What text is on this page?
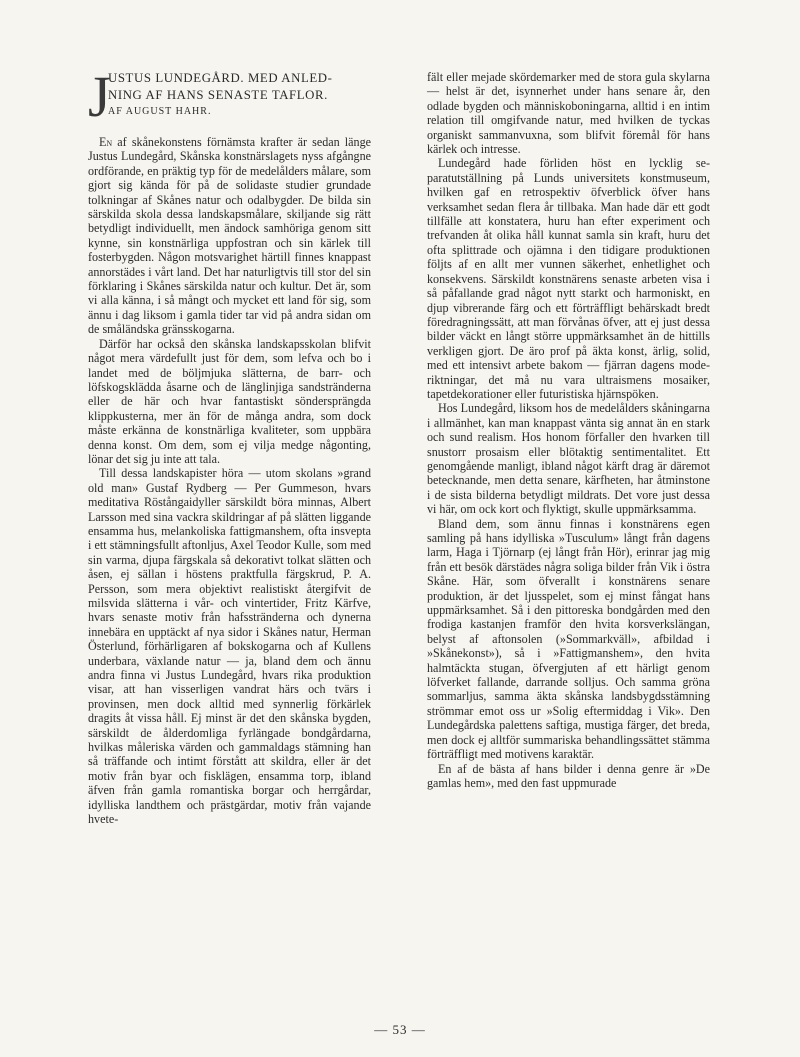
J
USTUS LUNDEGÅRD. MED ANLED-
NING AF HANS SENASTE TAFLOR.
AF AUGUST HAHR.

En af skånekonstens förnämsta krafter är sedan länge Justus Lundegård, Skånska konstnärslagets nyss afgångne ordförande, en präktig typ för de medelålders målare, som gjort sig kända för på de solidaste studier grundade tolkningar af Skånes natur och odalbygder. De bilda sin särskilda skola dessa landskapsmålare, skiljande sig rätt betydligt individuellt, men ändock samhöriga genom sitt kynne, sin konstnärliga uppfostran och sin kärlek till fosterbygden. Någon motsvarighet härtill finnes knappast annorstädes i vårt land. Det har naturligtvis till stor del sin förklaring i Skånes särskilda natur och kultur. Det är, som vi alla känna, i så mångt och mycket ett land för sig, som ännu i dag liksom i gamla tider tar vid på andra sidan om de småländska gränsskogarna.

Därför har också den skånska landskapsskolan blifvit något mera värdefullt just för dem, som lefva och bo i landet med de böljmjuka slätterna, de barr- och löfskogsklädda åsarne och de länglinjiga sandstränderna eller de här och hvar fantastiskt söndersprängda klippkusterna, mer än för de många andra, som dock måste erkänna de konstnärliga kvaliteter, som uppbära denna konst. Om dem, som ej vilja medge någonting, lönar det sig ju inte att tala.

Till dessa landskapister höra — utom skolans »grand old man» Gustaf Rydberg — Per Gummeson, hvars meditativa Röstångaidyller särskildt böra minnas, Albert Larsson med sina vackra skildringar af på slätten liggande ensamma hus, melankoliska fattigmanshem, ofta insvepta i ett stämningsfullt aftonljus, Axel Teodor Kulle, som med sin varma, djupa färgskala så dekorativt tolkat slätten och åsen, ej sällan i höstens praktfulla färgskrud, P. A. Persson, som mera objektivt realistiskt återgifvit de milsvida slätterna i vår- och vintertider, Fritz Kärfve, hvars senaste motiv från hafsstränderna och dynerna innebära en upptäckt af nya sidor i Skånes natur, Herman Österlund, förhärligaren af bokskogarna och af Kullens underbara, växlande natur — ja, bland dem och ännu andra finna vi Justus Lundegård, hvars rika produktion visar, att han visserligen vandrat härs och tvärs i provinsen, men dock alltid med synnerlig förkärlek dragits åt vissa håll. Ej minst är det den skånska bygden, särskildt de ålderdomliga fyrlängade bondgårdarna, hvilkas måleriska värden och gammaldags stämning han så träffande och intimt förstått att skildra, eller är det motiv från byar och fisklägen, ensamma torp, ibland äfven från gamla romantiska borgar och herrgårdar, idylliska landthem och prästgärdar, motiv från vajande hvete-

fält eller mejade skördemarker med de stora gula skylarna — helst är det, isynnerhet under hans senare år, den odlade bygden och människoboningarna, alltid i en intim relation till omgifvande natur, med hvilken de tyckas organiskt sammanvuxna, som blifvit föremål för hans kärlek och intresse.

Lundegård hade förliden höst en lycklig separatutställning på Lunds universitets konstmuseum, hvilken gaf en retrospektiv öfverblick öfver hans verksamhet sedan flera år tillbaka. Man hade där ett godt tillfälle att konstatera, huru han efter experiment och trefvanden åt olika håll kunnat samla sin kraft, huru det ofta splittrade och ojämna i den tidigare produktionen följts af en allt mer vunnen säkerhet, enhetlighet och konsekvens. Särskildt konstnärens senaste arbeten visa i så påfallande grad något nytt starkt och harmoniskt, en djup vibrerande färg och ett förträffligt behärskadt bredt föredragningssätt, att man förvånas öfver, att ej just dessa bilder väckt en långt större uppmärksamhet än de hittills verkligen gjort. De äro prof på äkta konst, ärlig, solid, med ett intensivt arbete bakom — fjärran dagens moderiktningar, det må nu vara ultraismens mosaiker, tapetdekorationer eller futuristiska hjärnspöken.

Hos Lundegård, liksom hos de medelålders skåningarna i allmänhet, kan man knappast vänta sig annat än en stark och sund realism. Hos honom förfaller den hvarken till snustorr prosaism eller blötaktig sentimentalitet. Ett genomgående manligt, ibland något kärft drag är däremot betecknande, men detta senare, kärfheten, har åtminstone i de sista bilderna betydligt mildrats. Det vore just dessa vi här, om ock kort och flyktigt, skulle uppmärksamma.

Bland dem, som ännu finnas i konstnärens egen samling på hans idylliska »Tusculum» långt från dagens larm, Haga i Tjörnarp (ej långt från Hör), erinrar jag mig från ett besök därstädes några soliga bilder från Vik i östra Skåne. Här, som öfverallt i konstnärens senare produktion, är det ljusspelet, som ej minst fångat hans uppmärksamhet. Så i den pittoreska bondgården med den frodiga kastanjen framför den hvita korsverkslängan, belyst af aftonsolen (»Sommarkväll», afbildad i »Skånekonst»), så i »Fattigmanshem», den hvita halmtäckta stugan, öfvergjuten af ett härligt genom löfverket fallande, darrande solljus. Och samma gröna sommarljus, samma äkta skånska landsbygdsstämning strömmar emot oss ur »Solig eftermiddag i Vik». Den Lundegårdska palettens saftiga, mustiga färger, det breda, men dock ej alltför summariska behandlingssättet stämma förträffligt med motivens karaktär.

En af de bästa af hans bilder i denna genre är »De gamlas hem», med den fast uppmurade

— 53 —
